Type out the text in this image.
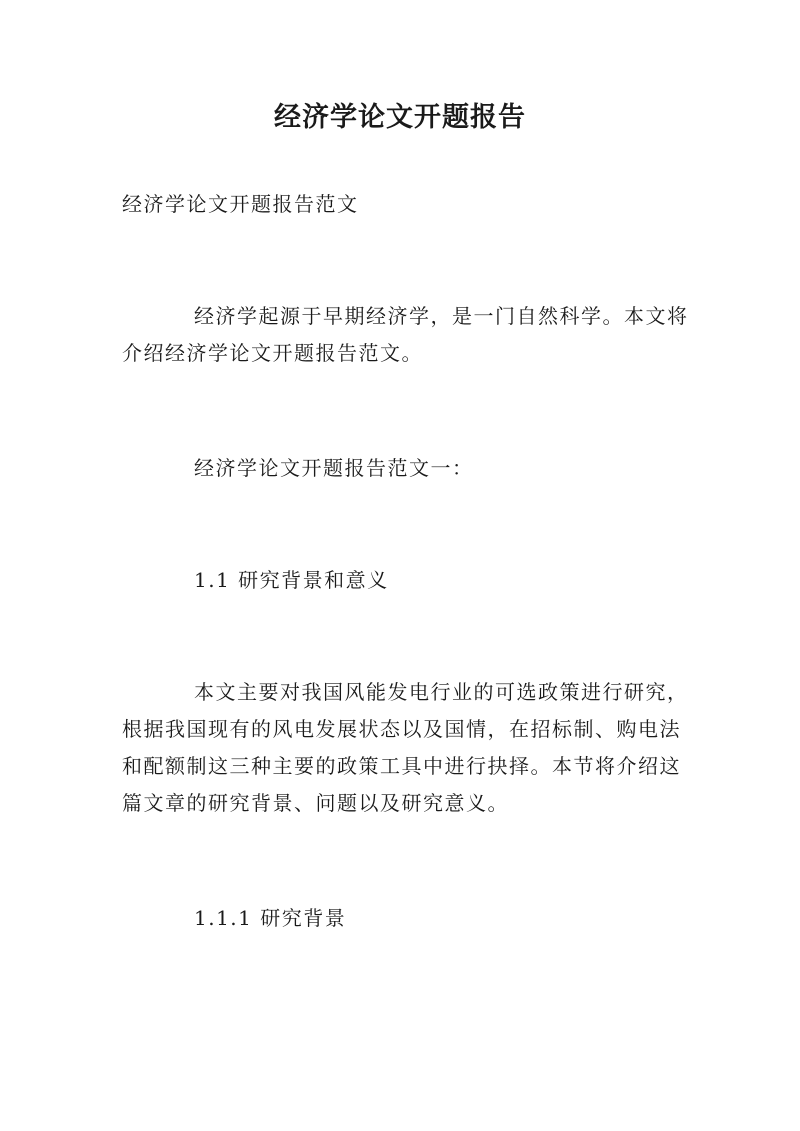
经济学论文开题报告

经济学论文开题报告范文

经济学起源于早期经济学，是一门自然科学。本文将
介绍经济学论文开题报告范文。

经济学论文开题报告范文一：

1.1 研究背景和意义

本文主要对我国风能发电行业的可选政策进行研究，
根据我国现有的风电发展状态以及国情，在招标制、购电法
和配额制这三种主要的政策工具中进行抉择。本节将介绍这
篇文章的研究背景、问题以及研究意义。

1.1.1 研究背景
